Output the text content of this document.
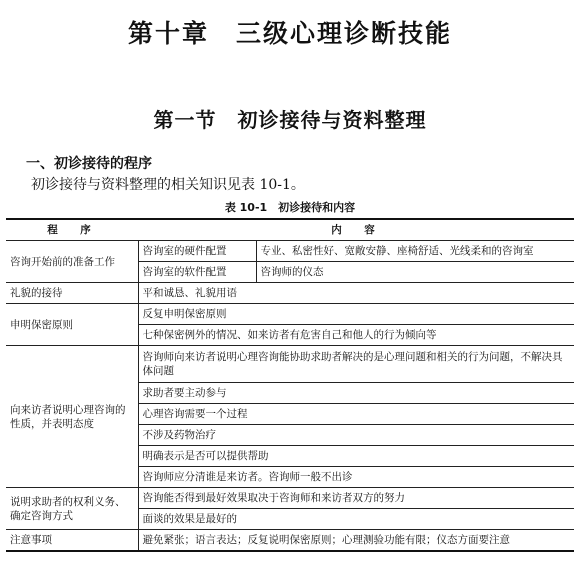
第十章　三级心理诊断技能
第一节　初诊接待与资料整理
一、初诊接待的程序
初诊接待与资料整理的相关知识见表 10-1。
表 10-1　初诊接待和内容
程　序	内　容	
咨询开始前的准备工作	咨询室的硬件配置	专业、私密性好、宽敞安静、座椅舒适、光线柔和的咨询室
	咨询室的软件配置	咨询师的仪态
礼貌的接待	平和诚恳、礼貌用语	
申明保密原则	反复申明保密原则	
	七种保密例外的情况、如来访者有危害自己和他人的行为倾向等	
向来访者说明心理咨询的性质，并表明态度	咨询师向来访者说明心理咨询能协助求助者解决的是心理问题和相关的行为问题，不解决具体问题	
	求助者要主动参与	
	心理咨询需要一个过程	
	不涉及药物治疗	
	明确表示是否可以提供帮助	
	咨询师应分清谁是来访者。咨询师一般不出诊	
说明求助者的权利义务、确定咨询方式	咨询能否得到最好效果取决于咨询师和来访者双方的努力	
	面谈的效果是最好的	
注意事项	避免紧张；语言表达；反复说明保密原则；心理测验功能有限；仪态方面要注意	
